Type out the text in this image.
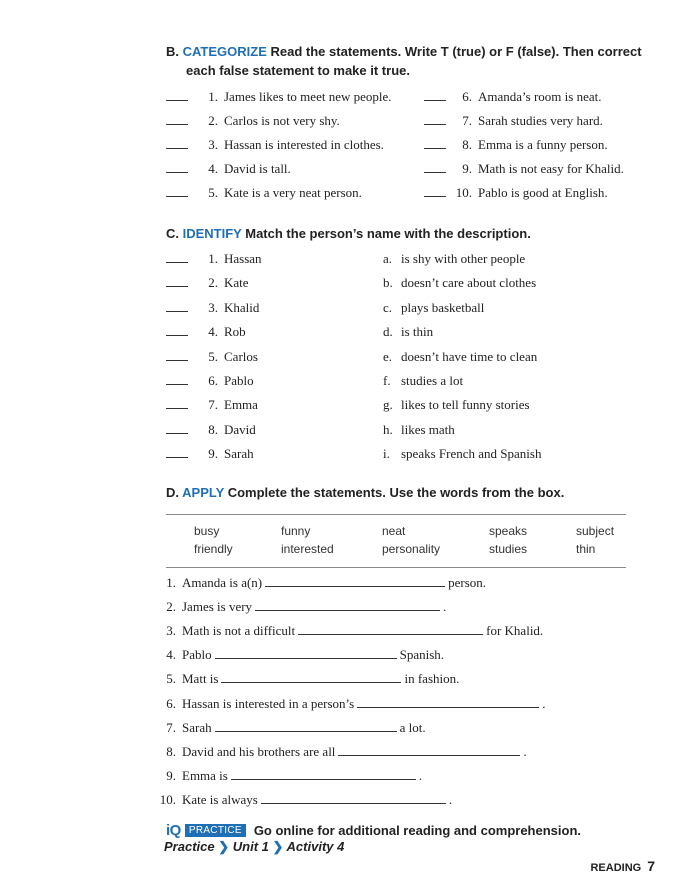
B. CATEGORIZE Read the statements. Write T (true) or F (false). Then correct
each false statement to make it true.
1. James likes to meet new people.
2. Carlos is not very shy.
3. Hassan is interested in clothes.
4. David is tall.
5. Kate is a very neat person.
6. Amanda’s room is neat.
7. Sarah studies very hard.
8. Emma is a funny person.
9. Math is not easy for Khalid.
10. Pablo is good at English.
C. IDENTIFY Match the person’s name with the description.
1. Hassan	a. is shy with other people
2. Kate	b. doesn’t care about clothes
3. Khalid	c. plays basketball
4. Rob	d. is thin
5. Carlos	e. doesn’t have time to clean
6. Pablo	f. studies a lot
7. Emma	g. likes to tell funny stories
8. David	h. likes math
9. Sarah	i. speaks French and Spanish
D. APPLY Complete the statements. Use the words from the box.
busy	funny	neat	speaks	subject
friendly	interested	personality	studies	thin
1. Amanda is a(n)	person.
2. James is very	.
3. Math is not a difficult	for Khalid.
4. Pablo	Spanish.
5. Matt is	in fashion.
6. Hassan is interested in a person’s	.
7. Sarah	a lot.
8. David and his brothers are all	.
9. Emma is	.
10. Kate is always	.
iQ PRACTICE Go online for additional reading and comprehension.
Practice ❯ Unit 1 ❯ Activity 4
READING 7
